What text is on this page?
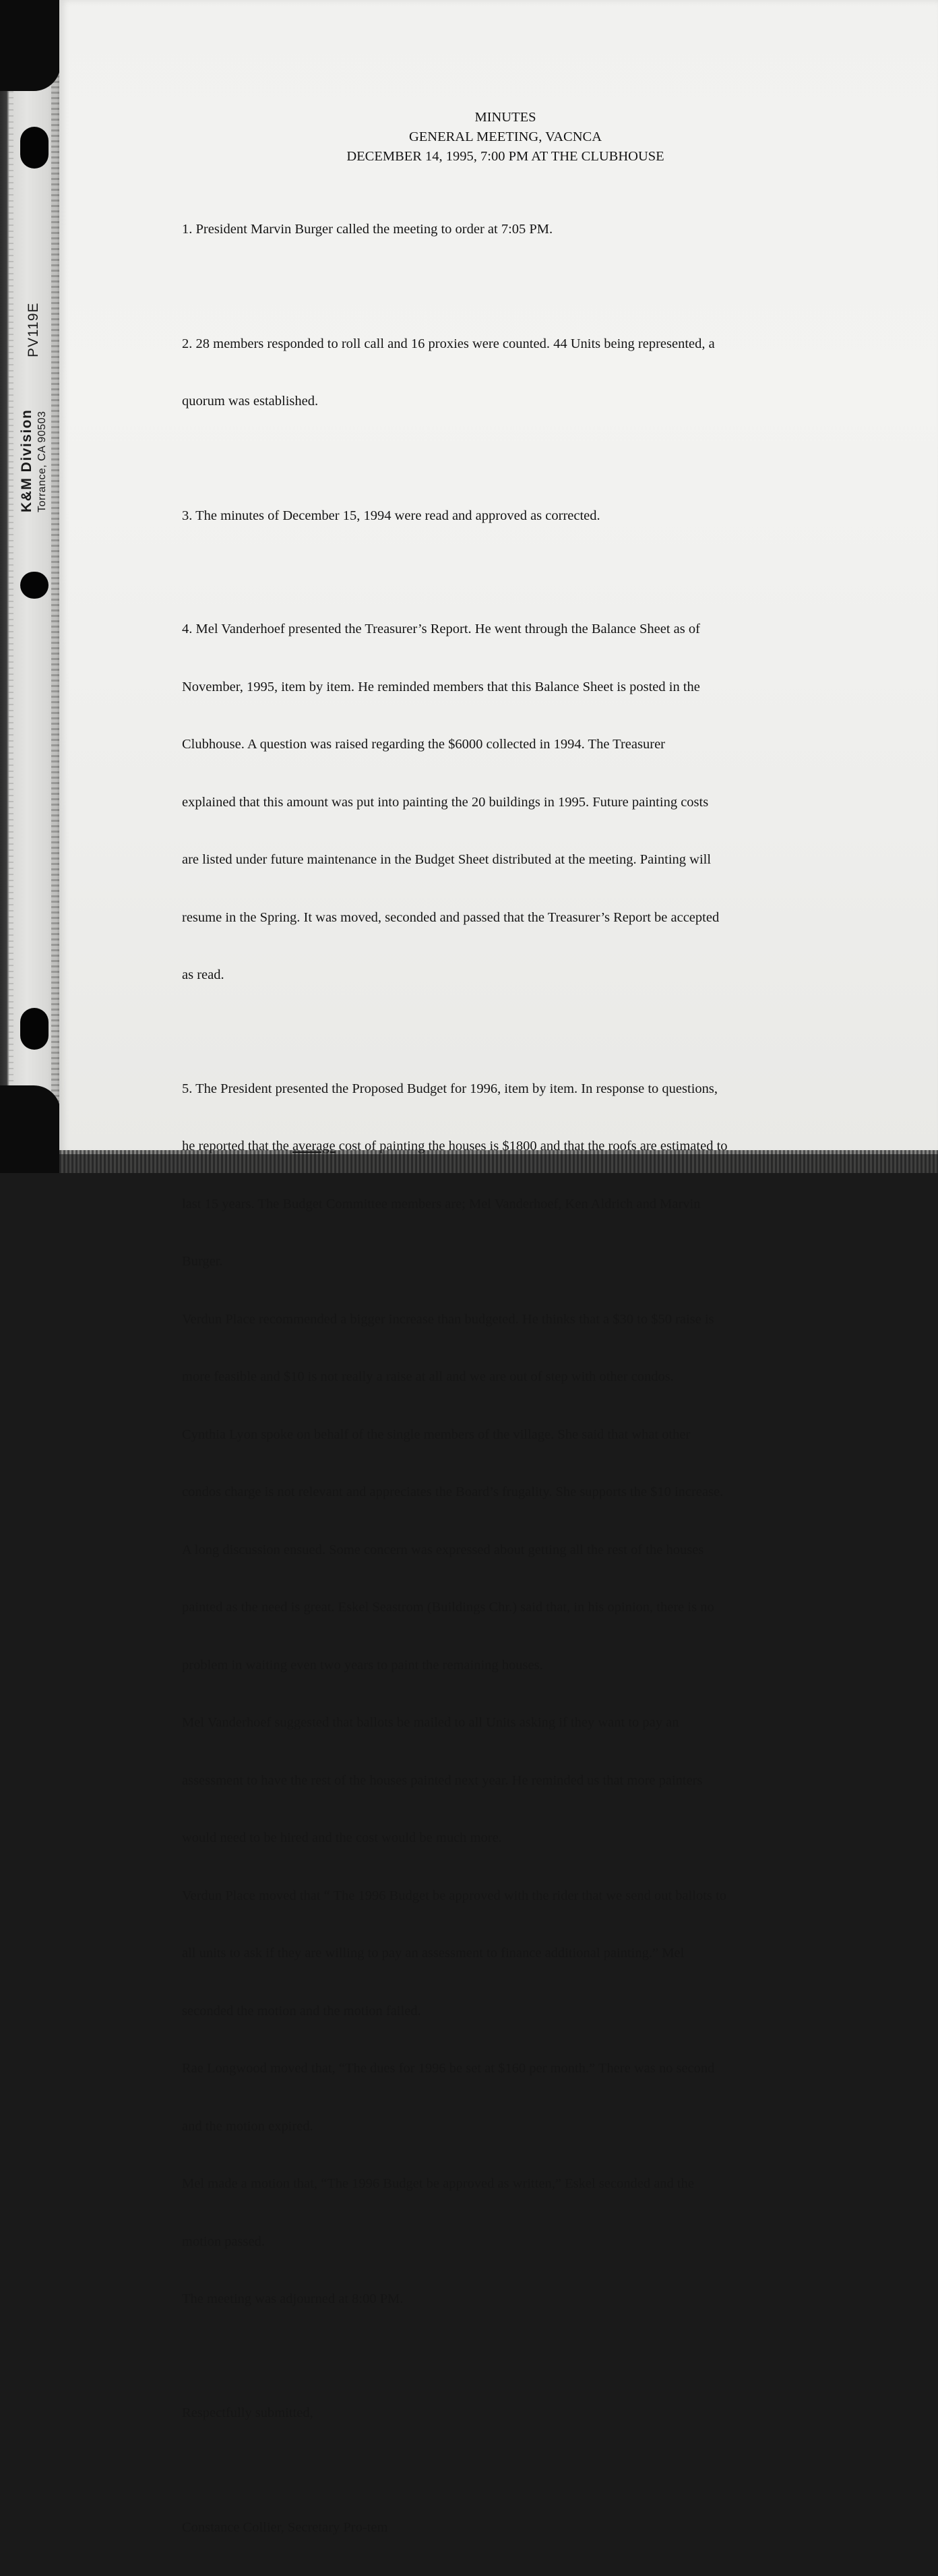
K&M Division Torrance, CA 90503
PV119E
MINUTES
GENERAL MEETING, VACNCA
DECEMBER 14, 1995, 7:00 PM AT THE CLUBHOUSE

1. President Marvin Burger called the meeting to order at 7:05 PM.

2. 28 members responded to roll call and 16 proxies were counted. 44 Units being represented, a

quorum was established.

3. The minutes of December 15, 1994 were read and approved as corrected.

4. Mel Vanderhoef presented the Treasurer’s Report. He went through the Balance Sheet as of

November, 1995, item by item. He reminded members that this Balance Sheet is posted in the

Clubhouse. A question was raised regarding the $6000 collected in 1994. The Treasurer

explained that this amount was put into painting the 20 buildings in 1995. Future painting costs

are listed under future maintenance in the Budget Sheet distributed at the meeting. Painting will

resume in the Spring. It was moved, seconded and passed that the Treasurer’s Report be accepted

as read.

5. The President presented the Proposed Budget for 1996, item by item. In response to questions,

he reported that the average cost of painting the houses is $1800 and that the roofs are estimated to

last 15 years. The Budget Committee members are; Mel Vanderhoef, Ken Aldrich and Marvin

Burger.

Verdun Place recommended a bigger increase than budgeted. He thinks that a $30 to $50 raise is

more feasible and $10 is not really a raise at all and we are out of step with other condos.

Cynthia Lyon spoke on behalf of the single members of the village. She said that what other

condos charge is not relevant and appreciates the Board’s frugality. She supports the $10 increase.

A long discussion ensued. Some concern was expressed about getting all the rest of the houses

painted as the need is great. Eskel Seastrom (Buildings Chr.) said that, in his opinion, there is no

problem in waiting even two years to paint the remaining houses.

Mel Vanderhoef suggested that ballots be mailed to all Units asking if they want to pay an

assessment to have the rest of the houses painted next year. He reminded us that more painters

would need to be hired and the cost would be much more.

Verdun Place moved that “ The 1996 Budget be approved with the rider that we send out ballots to

all units to ask if they are willing to pay an assessment to finance additional painting.” Mel

seconded the motion and the motion failed.

Rae Longwood moved that, “The dues for 1996 be set at $160 per month.” There was no second

and the motion expired.

Mel made a motion that, “The 1996 Budget be approved as written,” Eskel seconded and the

motion passed.

The meeting was adjourned at 8:00 PM.

Respectfully submitted,

Constance Collier, Secretary Pro-tem
